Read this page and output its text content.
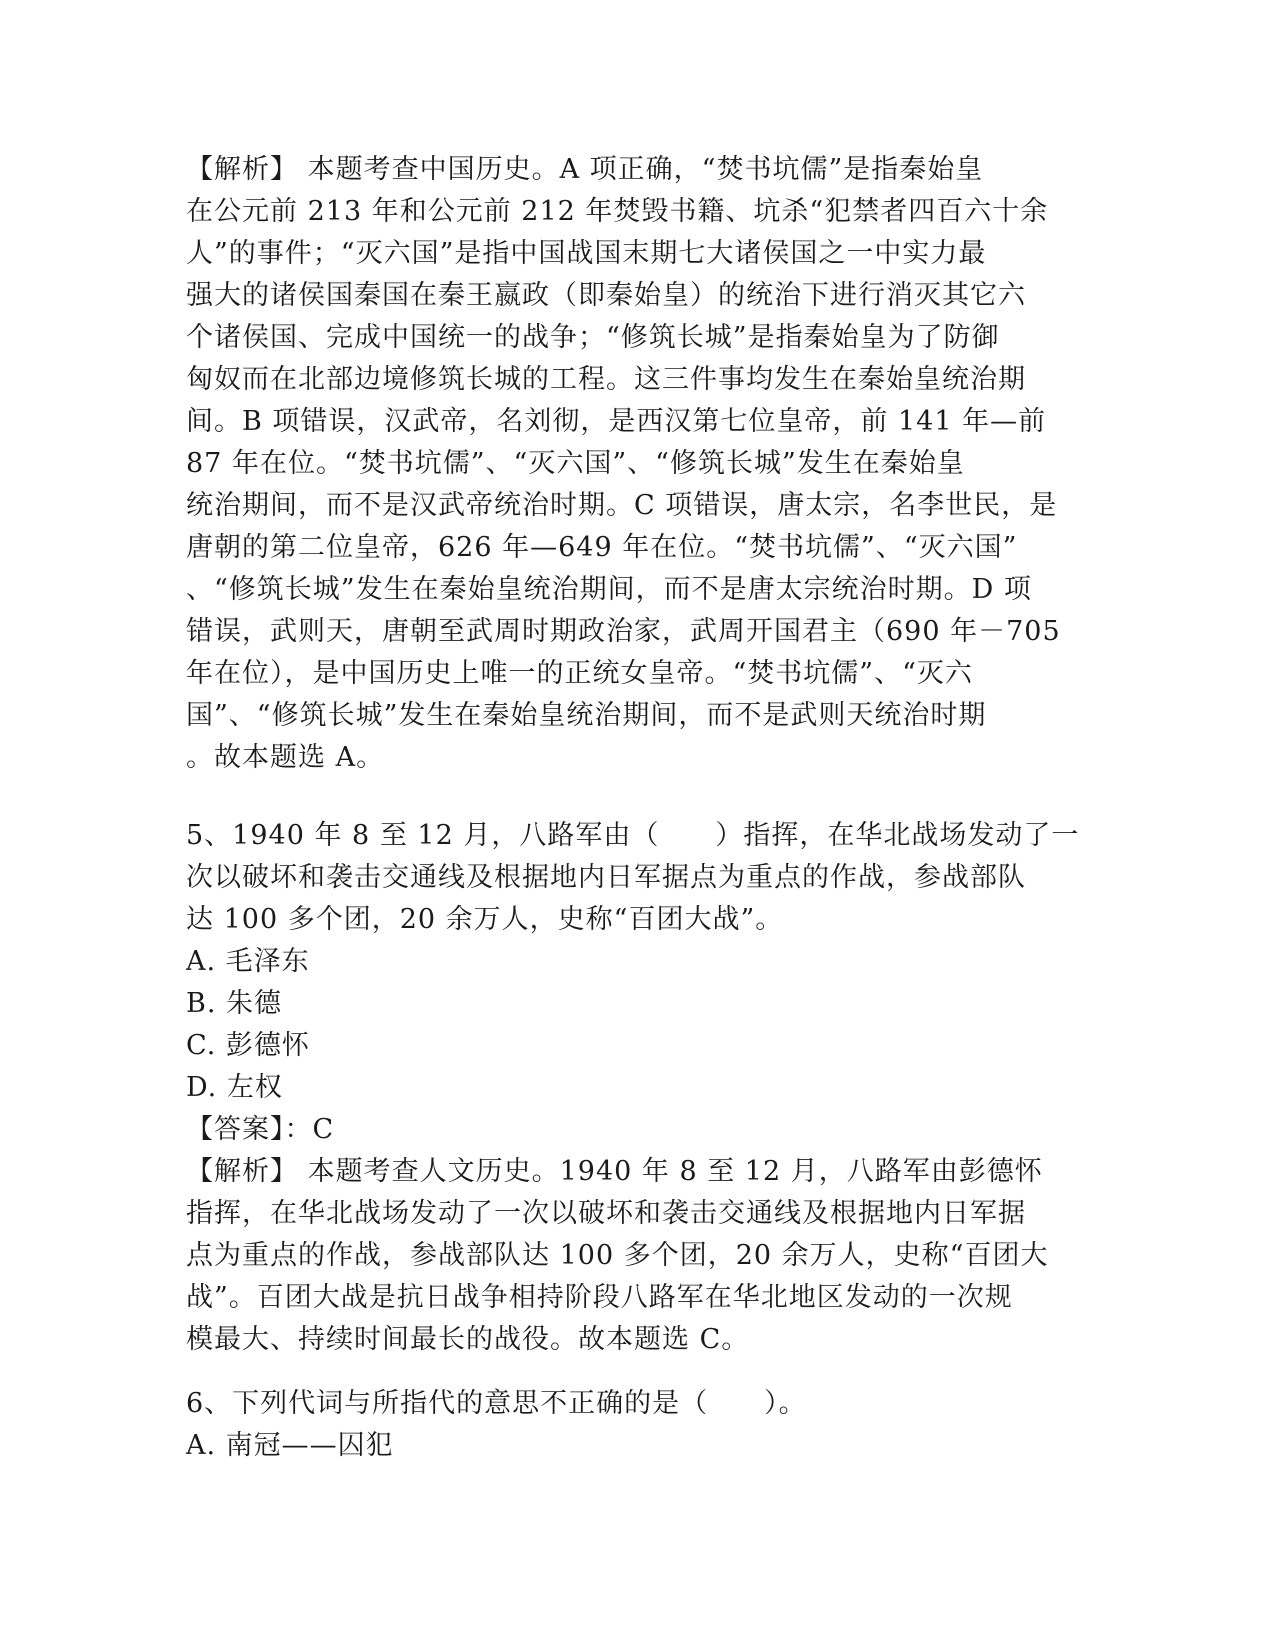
【解析】 本题考查中国历史。A 项正确，“焚书坑儒”是指秦始皇
在公元前 213 年和公元前 212 年焚毁书籍、坑杀“犯禁者四百六十余
人”的事件；“灭六国”是指中国战国末期七大诸侯国之一中实力最
强大的诸侯国秦国在秦王嬴政（即秦始皇）的统治下进行消灭其它六
个诸侯国、完成中国统一的战争；“修筑长城”是指秦始皇为了防御
匈奴而在北部边境修筑长城的工程。这三件事均发生在秦始皇统治期
间。B 项错误，汉武帝，名刘彻，是西汉第七位皇帝，前 141 年—前
87 年在位。“焚书坑儒”、“灭六国”、“修筑长城”发生在秦始皇
统治期间，而不是汉武帝统治时期。C 项错误，唐太宗，名李世民，是
唐朝的第二位皇帝，626 年—649 年在位。“焚书坑儒”、“灭六国”
、“修筑长城”发生在秦始皇统治期间，而不是唐太宗统治时期。D 项
错误，武则天，唐朝至武周时期政治家，武周开国君主（690 年－705
年在位），是中国历史上唯一的正统女皇帝。“焚书坑儒”、“灭六
国”、“修筑长城”发生在秦始皇统治期间，而不是武则天统治时期
。故本题选 A。
5、1940 年 8 至 12 月，八路军由（　　）指挥，在华北战场发动了一
次以破坏和袭击交通线及根据地内日军据点为重点的作战，参战部队
达 100 多个团，20 余万人，史称“百团大战”。
A. 毛泽东
B. 朱德
C. 彭德怀
D. 左权
【答案】：C
【解析】 本题考查人文历史。1940 年 8 至 12 月，八路军由彭德怀
指挥，在华北战场发动了一次以破坏和袭击交通线及根据地内日军据
点为重点的作战，参战部队达 100 多个团，20 余万人，史称“百团大
战”。百团大战是抗日战争相持阶段八路军在华北地区发动的一次规
模最大、持续时间最长的战役。故本题选 C。
6、下列代词与所指代的意思不正确的是（　　）。
A. 南冠——囚犯
